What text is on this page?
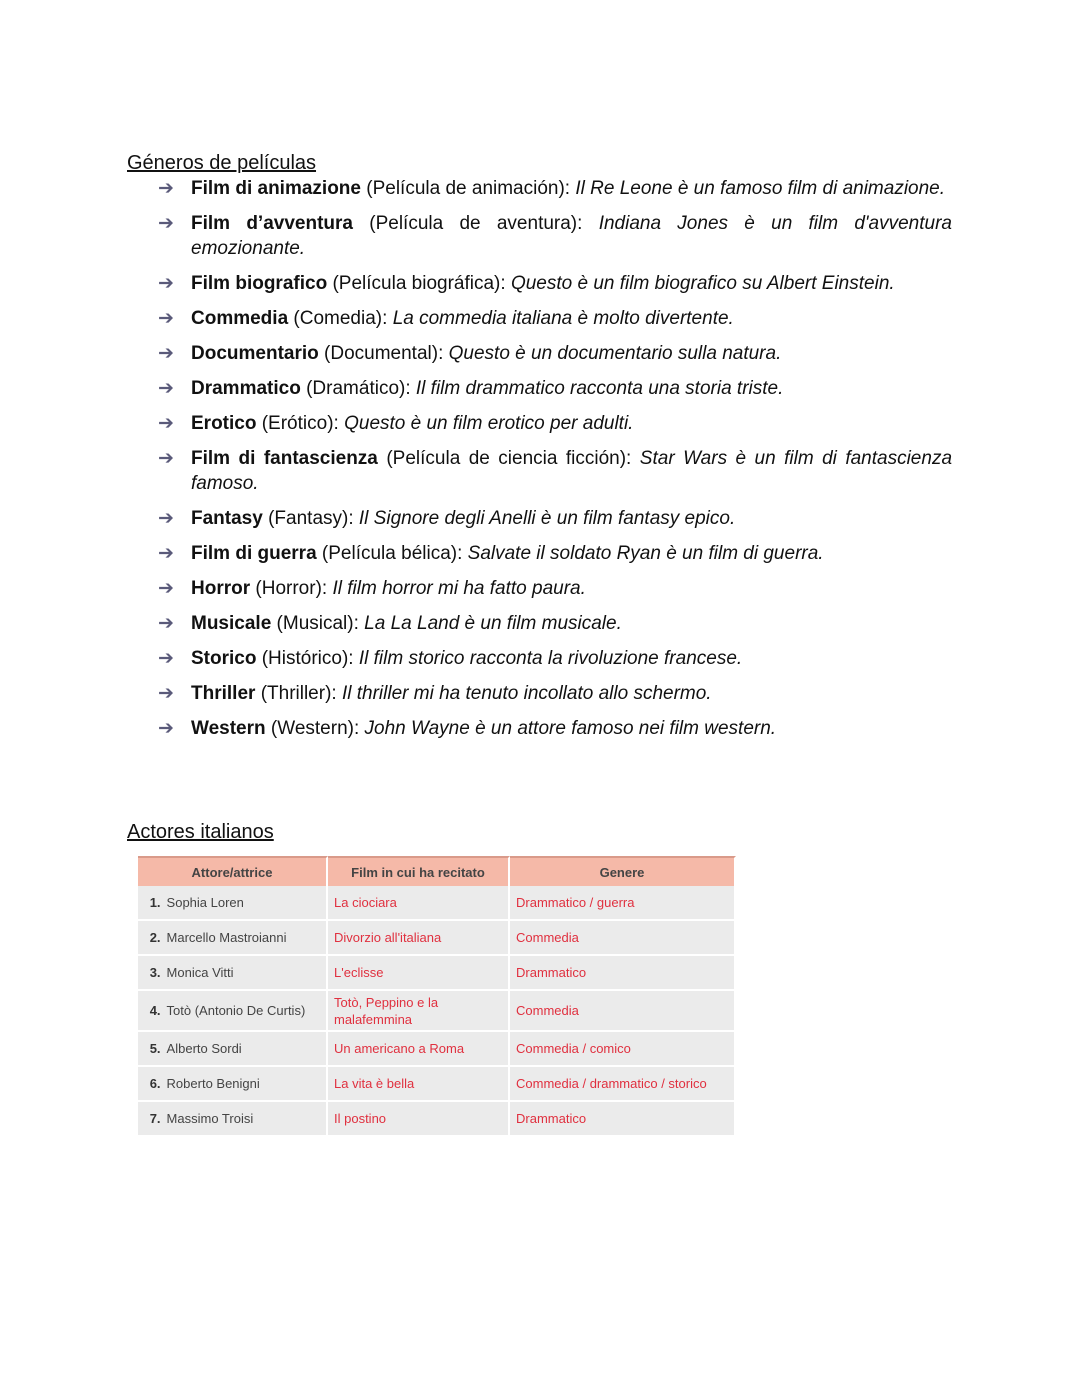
Géneros de películas
➔ Film di animazione (Película de animación): Il Re Leone è un famoso film di animazione.
➔ Film d’avventura (Película de aventura): Indiana Jones è un film d'avventura emozionante.
➔ Film biografico (Película biográfica): Questo è un film biografico su Albert Einstein.
➔ Commedia (Comedia): La commedia italiana è molto divertente.
➔ Documentario (Documental): Questo è un documentario sulla natura.
➔ Drammatico (Dramático): Il film drammatico racconta una storia triste.
➔ Erotico (Erótico): Questo è un film erotico per adulti.
➔ Film di fantascienza (Película de ciencia ficción): Star Wars è un film di fantascienza famoso.
➔ Fantasy (Fantasy): Il Signore degli Anelli è un film fantasy epico.
➔ Film di guerra (Película bélica): Salvate il soldato Ryan è un film di guerra.
➔ Horror (Horror): Il film horror mi ha fatto paura.
➔ Musicale (Musical): La La Land è un film musicale.
➔ Storico (Histórico): Il film storico racconta la rivoluzione francese.
➔ Thriller (Thriller): Il thriller mi ha tenuto incollato allo schermo.
➔ Western (Western): John Wayne è un attore famoso nei film western.
Actores italianos
Attore/attrice		Film in cui ha recitato	Genere
1.	Sophia Loren	La ciociara	Drammatico / guerra
2.	Marcello Mastroianni	Divorzio all'italiana	Commedia
3.	Monica Vitti	L'eclisse	Drammatico
4.	Totò (Antonio De Curtis)	Totò, Peppino e la malafemmina	Commedia
5.	Alberto Sordi	Un americano a Roma	Commedia / comico
6.	Roberto Benigni	La vita è bella	Commedia / drammatico / storico
7.	Massimo Troisi	Il postino	Drammatico
